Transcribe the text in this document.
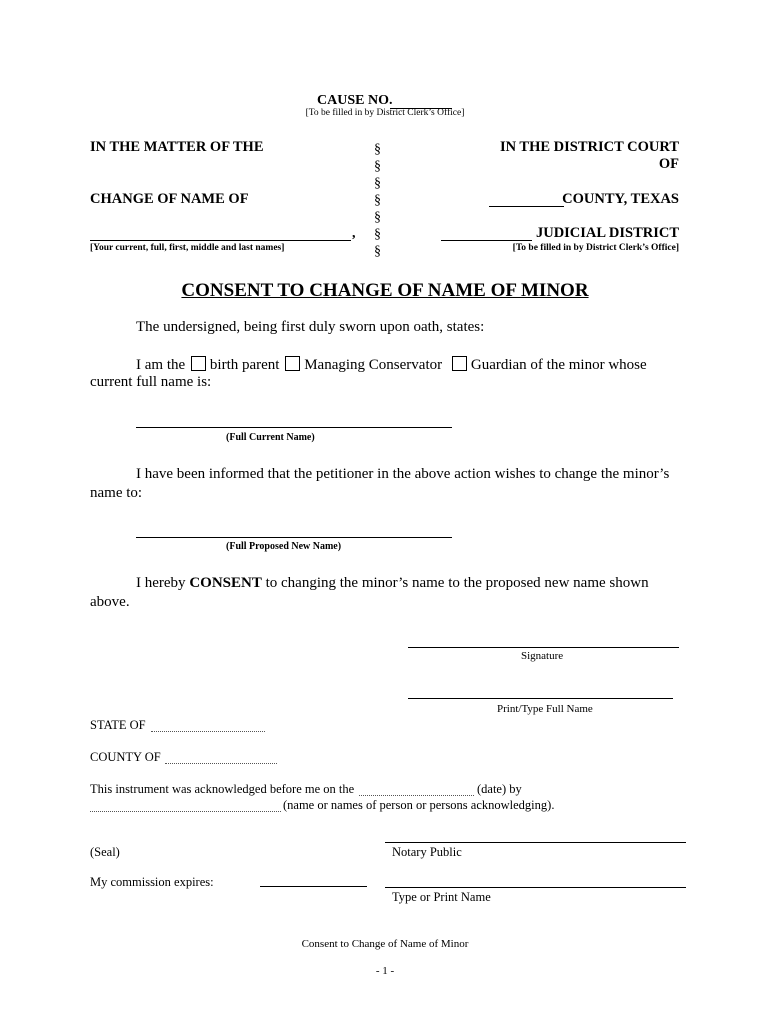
CAUSE NO.
[To be filled in by District Clerk’s Office]
IN THE MATTER OF THE
CHANGE OF NAME OF
,
[Your current, full, first, middle and last names]
§
§
§
§
§
§
§
IN THE DISTRICT COURT
OF
COUNTY, TEXAS
JUDICIAL DISTRICT
[To be filled in by District Clerk’s Office]
CONSENT TO CHANGE OF NAME OF MINOR
The undersigned, being first duly sworn upon oath, states:
I am the birth parent Managing Conservator Guardian of the minor whose
current full name is:
(Full Current Name)
I have been informed that the petitioner in the above action wishes to change the minor’s
name to:
(Full Proposed New Name)
I hereby CONSENT to changing the minor’s name to the proposed new name shown
above.
Signature
Print/Type Full Name
STATE OF
COUNTY OF
This instrument was acknowledged before me on the	(date) by
(name or names of person or persons acknowledging).
(Seal)	Notary Public
My commission expires:
Type or Print Name
Consent to Change of Name of Minor
- 1 -
